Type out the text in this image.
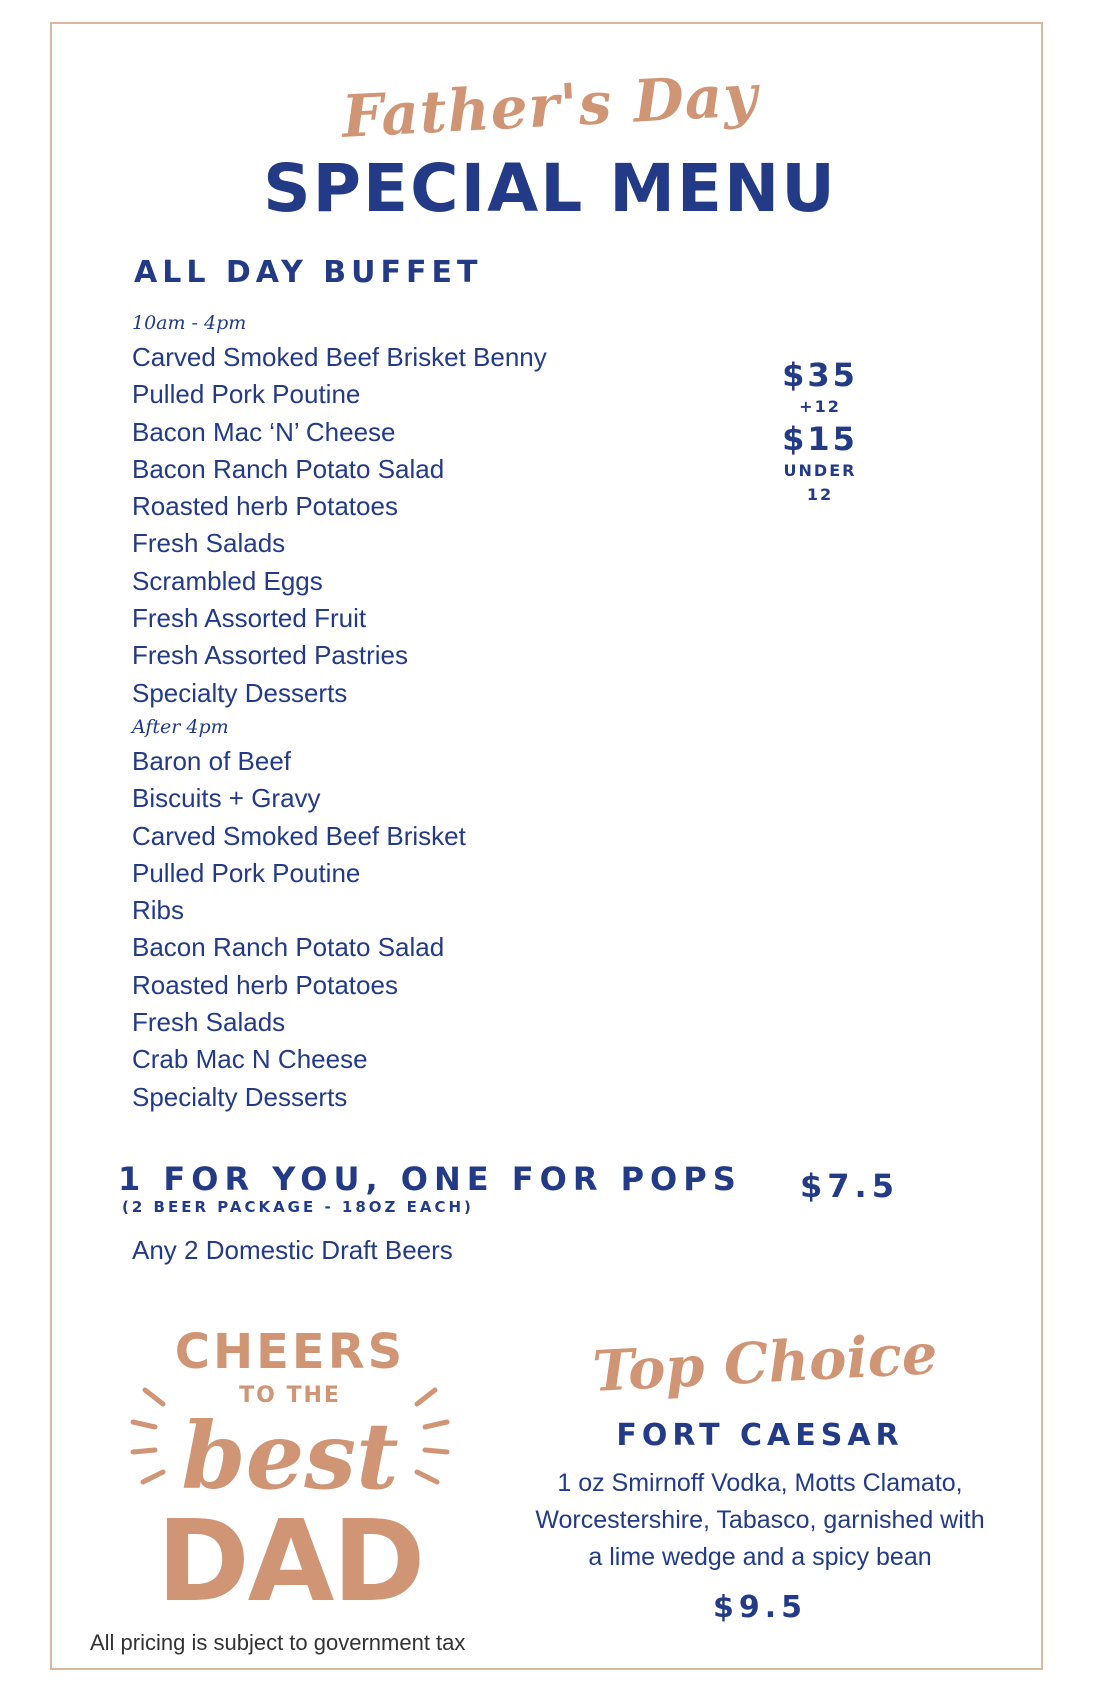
Father's Day
SPECIAL MENU
ALL DAY BUFFET
10am - 4pm
Carved Smoked Beef Brisket Benny
Pulled Pork Poutine
Bacon Mac ‘N’ Cheese
Bacon Ranch Potato Salad
Roasted herb Potatoes
Fresh Salads
Scrambled Eggs
Fresh Assorted Fruit
Fresh Assorted Pastries
Specialty Desserts
After 4pm
Baron of Beef
Biscuits + Gravy
Carved Smoked Beef Brisket
Pulled Pork Poutine
Ribs
Bacon Ranch Potato Salad
Roasted herb Potatoes
Fresh Salads
Crab Mac N Cheese
Specialty Desserts
$35
+12
$15
UNDER 12
1 FOR YOU, ONE FOR POPS
(2 BEER PACKAGE - 18OZ EACH)
$7.5
Any 2 Domestic Draft Beers
CHEERS
TO THE
best
DAD
Top Choice
FORT CAESAR
1 oz Smirnoff Vodka, Motts Clamato, Worcestershire, Tabasco, garnished with a lime wedge and a spicy bean
$9.5
All pricing is subject to government tax
